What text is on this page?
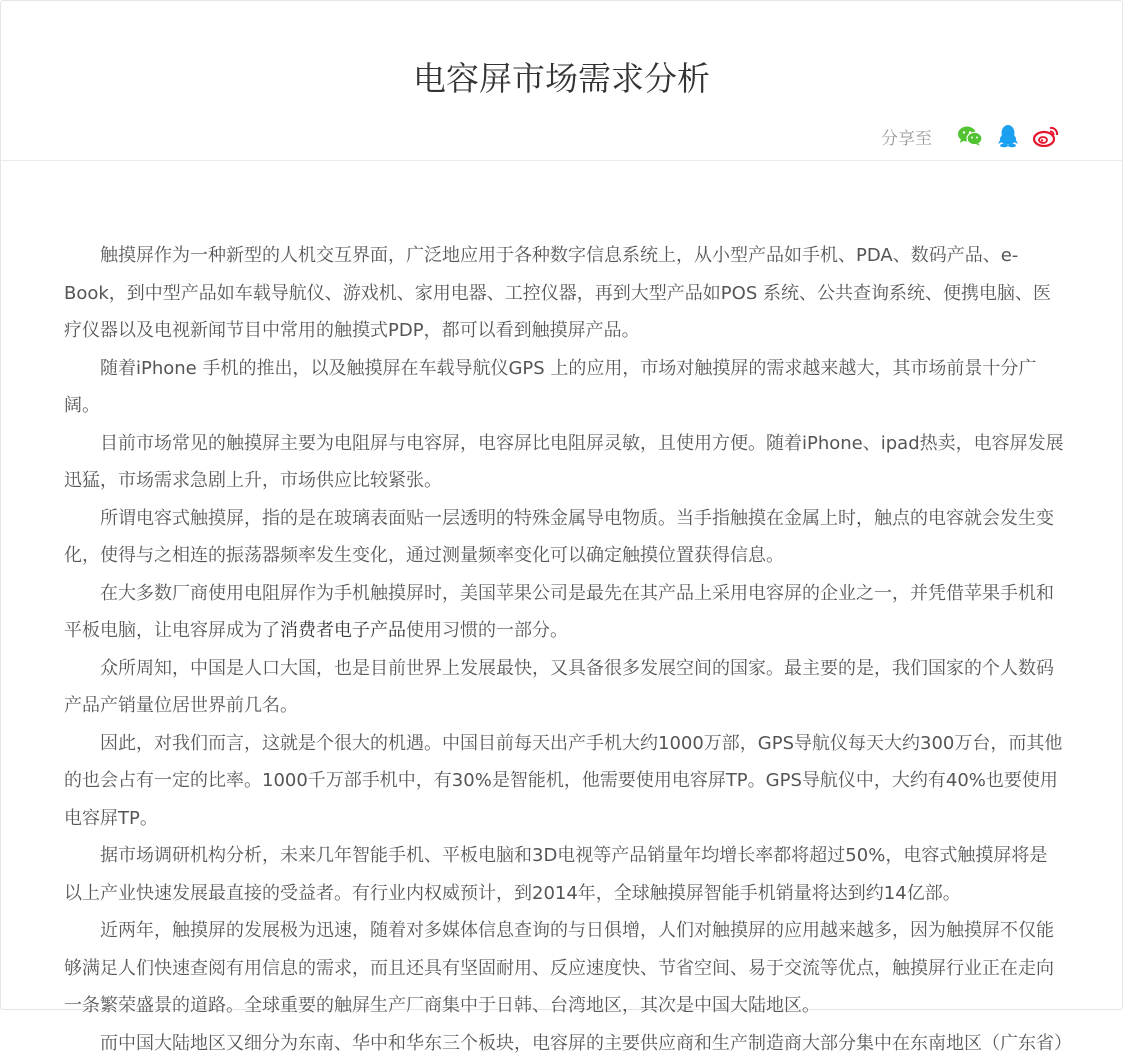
电容屏市场需求分析
分享至

触摸屏作为一种新型的人机交互界面，广泛地应用于各种数字信息系统上，从小型产品如手机、PDA、数码产品、e-Book，到中型产品如车载导航仪、游戏机、家用电器、工控仪器，再到大型产品如POS 系统、公共查询系统、便携电脑、医疗仪器以及电视新闻节目中常用的触摸式PDP，都可以看到触摸屏产品。

随着iPhone 手机的推出，以及触摸屏在车载导航仪GPS 上的应用，市场对触摸屏的需求越来越大，其市场前景十分广阔。

目前市场常见的触摸屏主要为电阻屏与电容屏，电容屏比电阻屏灵敏，且使用方便。随着iPhone、ipad热卖，电容屏发展迅猛，市场需求急剧上升，市场供应比较紧张。

所谓电容式触摸屏，指的是在玻璃表面贴一层透明的特殊金属导电物质。当手指触摸在金属上时，触点的电容就会发生变化，使得与之相连的振荡器频率发生变化，通过测量频率变化可以确定触摸位置获得信息。

在大多数厂商使用电阻屏作为手机触摸屏时，美国苹果公司是最先在其产品上采用电容屏的企业之一，并凭借苹果手机和平板电脑，让电容屏成为了消费者电子产品使用习惯的一部分。

众所周知，中国是人口大国，也是目前世界上发展最快，又具备很多发展空间的国家。最主要的是，我们国家的个人数码产品产销量位居世界前几名。

因此，对我们而言，这就是个很大的机遇。中国目前每天出产手机大约1000万部，GPS导航仪每天大约300万台，而其他的也会占有一定的比率。1000千万部手机中，有30%是智能机，他需要使用电容屏TP。GPS导航仪中，大约有40%也要使用电容屏TP。

据市场调研机构分析，未来几年智能手机、平板电脑和3D电视等产品销量年均增长率都将超过50%，电容式触摸屏将是以上产业快速发展最直接的受益者。有行业内权威预计，到2014年，全球触摸屏智能手机销量将达到约14亿部。

近两年，触摸屏的发展极为迅速，随着对多媒体信息查询的与日俱增，人们对触摸屏的应用越来越多，因为触摸屏不仅能够满足人们快速查阅有用信息的需求，而且还具有坚固耐用、反应速度快、节省空间、易于交流等优点，触摸屏行业正在走向一条繁荣盛景的道路。全球重要的触屏生产厂商集中于日韩、台湾地区，其次是中国大陆地区。

而中国大陆地区又细分为东南、华中和华东三个板块，电容屏的主要供应商和生产制造商大部分集中在东南地区（广东省）
